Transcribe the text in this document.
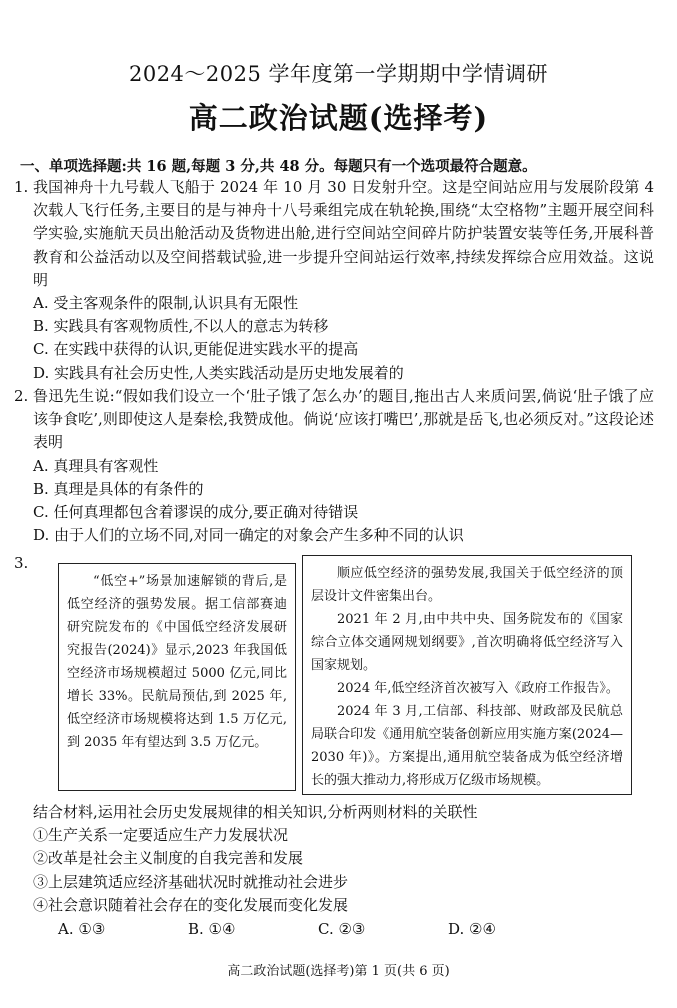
2024～2025 学年度第一学期期中学情调研
高二政治试题(选择考)
一、单项选择题:共 16 题,每题 3 分,共 48 分。每题只有一个选项最符合题意。
1. 我国神舟十九号载人飞船于 2024 年 10 月 30 日发射升空。这是空间站应用与发展阶段第 4 次载人飞行任务,主要目的是与神舟十八号乘组完成在轨轮换,围绕“太空格物”主题开展空间科学实验,实施航天员出舱活动及货物进出舱,进行空间站空间碎片防护装置安装等任务,开展科普教育和公益活动以及空间搭载试验,进一步提升空间站运行效率,持续发挥综合应用效益。这说明
A. 受主客观条件的限制,认识具有无限性
B. 实践具有客观物质性,不以人的意志为转移
C. 在实践中获得的认识,更能促进实践水平的提高
D. 实践具有社会历史性,人类实践活动是历史地发展着的
2. 鲁迅先生说:“假如我们设立一个‘肚子饿了怎么办’的题目,拖出古人来质问罢,倘说‘肚子饿了应该争食吃’,则即使这人是秦桧,我赞成他。倘说‘应该打嘴巴’,那就是岳飞,也必须反对。”这段论述表明
A. 真理具有客观性
B. 真理是具体的有条件的
C. 任何真理都包含着谬误的成分,要正确对待错误
D. 由于人们的立场不同,对同一确定的对象会产生多种不同的认识
3.

“低空+”场景加速解锁的背后,是低空经济的强势发展。据工信部赛迪研究院发布的《中国低空经济发展研究报告(2024)》显示,2023 年我国低空经济市场规模超过 5000 亿元,同比增长 33%。民航局预估,到 2025 年,低空经济市场规模将达到 1.5 万亿元,到 2035 年有望达到 3.5 万亿元。

顺应低空经济的强势发展,我国关于低空经济的顶层设计文件密集出台。

2021 年 2 月,由中共中央、国务院发布的《国家综合立体交通网规划纲要》,首次明确将低空经济写入国家规划。

2024 年,低空经济首次被写入《政府工作报告》。

2024 年 3 月,工信部、科技部、财政部及民航总局联合印发《通用航空装备创新应用实施方案(2024—2030 年)》。方案提出,通用航空装备成为低空经济增长的强大推动力,将形成万亿级市场规模。

结合材料,运用社会历史发展规律的相关知识,分析两则材料的关联性
①生产关系一定要适应生产力发展状况
②改革是社会主义制度的自我完善和发展
③上层建筑适应经济基础状况时就推动社会进步
④社会意识随着社会存在的变化发展而变化发展
A. ①③	B. ①④	C. ②③	D. ②④
高二政治试题(选择考)第 1 页(共 6 页)
